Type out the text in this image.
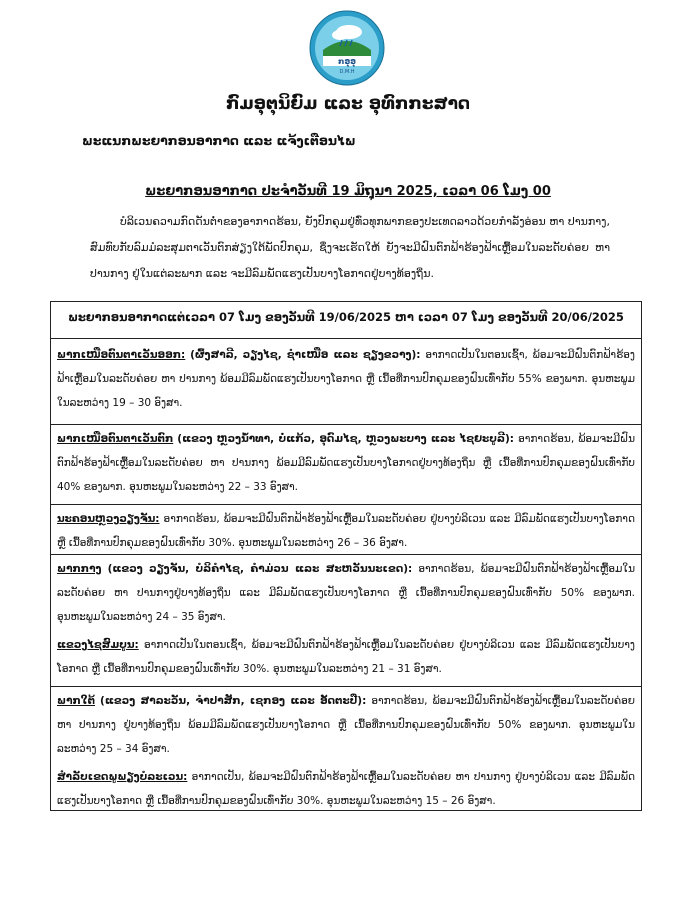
ກອຸອຸ
D.M.H
ກົມອຸຕຸນິຍົມ ແລະ ອຸທົກກະສາດ
ພະແນກພະຍາກອນອາກາດ ແລະ ແຈ້ງເຕືອນໄພ
ພະຍາກອນອາກາດ ປະຈຳວັນທີ 19 ມິຖຸນາ 2025, ເວລາ 06 ໂມງ 00
ບໍລິເວນຄວາມກົດດັນຕໍ່າຂອງອາກາດຮ້ອນ, ຍັງປົກຄຸມຢູ່ທົ່ວທຸກພາກຂອງປະເທດລາວດ້ວຍກຳລັງອ່ອນ ຫາ ປານກາງ, ສົມທົບກັບລົມມໍລະສຸມຕາເວັນຕົກສ່ຽງໃຕ້ພັດປົກຄຸມ, ຊຶ່ງຈະເຮັດໃຫ້ ຍັງຈະມີຝົນຕົກຟ້າຮ້ອງຟ້າເຫຼື້ອມໃນລະດັບຄ່ອຍ ຫາ ປານກາງ ຢູ່ໃນແຕ່ລະພາກ ແລະ ຈະມີລົມພັດແຮງເປັນບາງໂອກາດຢູ່ບາງທ້ອງຖິ່ນ.
ພະຍາກອນອາກາດແຕ່ເວລາ 07 ໂມງ ຂອງວັນທີ 19/06/2025 ຫາ ເວລາ 07 ໂມງ ຂອງວັນທີ 20/06/2025

ພາກເໜືອຕົນຕາເວັນອອກ: (ຜົ້ງສາລີ, ວຽງໄຊ, ຊຳເໜືອ ແລະ ຊຽງຂວາງ): ອາກາດເປັນໃນຕອນເຊົ້າ, ພ້ອມຈະມີຝົນຕົກຟ້າຮ້ອງຟ້າເຫຼື້ອມໃນລະດັບຄ່ອຍ ຫາ ປານກາງ ພ້ອມມີລົມພັດແຮງເປັນບາງໂອກາດ ຫຼື ເນື້ອທີ່ການປົກຄຸມຂອງຝົນເທົ່າກັບ 55% ຂອງພາກ. ອຸນຫະພູມໃນລະຫວ່າງ 19 – 30 ອົງສາ.

ພາກເໜືອຕົນຕາເວັນຕົກ (ແຂວງ ຫຼວງນໍ້າທາ, ບໍ່ແກ້ວ, ອຸດົມໄຊ, ຫຼວງພະບາງ ແລະ ໄຊຍະບູລີ): ອາກາດຮ້ອນ, ພ້ອມຈະມີຝົນຕົກຟ້າຮ້ອງຟ້າເຫຼື້ອມໃນລະດັບຄ່ອຍ ຫາ ປານກາງ ພ້ອມມີລົມພັດແຮງເປັນບາງໂອກາດຢູ່ບາງທ້ອງຖິ່ນ ຫຼື ເນື້ອທີ່ການປົກຄຸມຂອງຝົນເທົ່າກັບ 40% ຂອງພາກ. ອຸນຫະພູມໃນລະຫວ່າງ 22 – 33 ອົງສາ.

ນະຄອນຫຼວງວຽງຈັນ: ອາກາດຮ້ອນ, ພ້ອມຈະມີຝົນຕົກຟ້າຮ້ອງຟ້າເຫຼື້ອມໃນລະດັບຄ່ອຍ ຢູ່ບາງບໍລິເວນ ແລະ ມີລົມພັດແຮງເປັນບາງໂອກາດ ຫຼື ເນື້ອທີ່ການປົກຄຸມຂອງຝົນເທົ່າກັບ 30%. ອຸນຫະພູມໃນລະຫວ່າງ 26 – 36 ອົງສາ.

ພາກກາງ (ແຂວງ ວຽງຈັນ, ບໍລິຄຳໄຊ, ຄຳມ່ວນ ແລະ ສະຫວັນນະເຂດ): ອາກາດຮ້ອນ, ພ້ອມຈະມີຝົນຕົກຟ້າຮ້ອງຟ້າເຫຼື້ອມໃນລະດັບຄ່ອຍ ຫາ ປານກາງຢູ່ບາງທ້ອງຖິ່ນ ແລະ ມີລົມພັດແຮງເປັນບາງໂອກາດ ຫຼື ເນື້ອທີ່ການປົກຄຸມຂອງຝົນເທົ່າກັບ 50% ຂອງພາກ. ອຸນຫະພູມໃນລະຫວ່າງ 24 – 35 ອົງສາ.

ແຂວງໄຊສົມບູນ: ອາກາດເປັນໃນຕອນເຊົ້າ, ພ້ອມຈະມີຝົນຕົກຟ້າຮ້ອງຟ້າເຫຼື້ອມໃນລະດັບຄ່ອຍ ຢູ່ບາງບໍລິເວນ ແລະ ມີລົມພັດແຮງເປັນບາງໂອກາດ ຫຼື ເນື້ອທີ່ການປົກຄຸມຂອງຝົນເທົ່າກັບ 30%. ອຸນຫະພູມໃນລະຫວ່າງ 21 – 31 ອົງສາ.

ພາກໃຕ້ (ແຂວງ ສາລະວັນ, ຈຳປາສັກ, ເຊກອງ ແລະ ອັດຕະປື): ອາກາດຮ້ອນ, ພ້ອມຈະມີຝົນຕົກຟ້າຮ້ອງຟ້າເຫຼື້ອມໃນລະດັບຄ່ອຍ ຫາ ປານກາງ ຢູ່ບາງທ້ອງຖິ່ນ ພ້ອມມີລົມພັດແຮງເປັນບາງໂອກາດ ຫຼື ເນື້ອທີ່ການປົກຄຸມຂອງຝົນເທົ່າກັບ 50% ຂອງພາກ. ອຸນຫະພູມໃນລະຫວ່າງ 25 – 34 ອົງສາ.

ສຳລັບເຂດພູພຽງບໍລະເວນ: ອາກາດເປັນ, ພ້ອມຈະມີຝົນຕົກຟ້າຮ້ອງຟ້າເຫຼື້ອມໃນລະດັບຄ່ອຍ ຫາ ປານກາງ ຢູ່ບາງບໍລິເວນ ແລະ ມີລົມພັດແຮງເປັນບາງໂອກາດ ຫຼື ເນື້ອທີ່ການປົກຄຸມຂອງຝົນເທົ່າກັບ 30%. ອຸນຫະພູມໃນລະຫວ່າງ 15 – 26 ອົງສາ.
